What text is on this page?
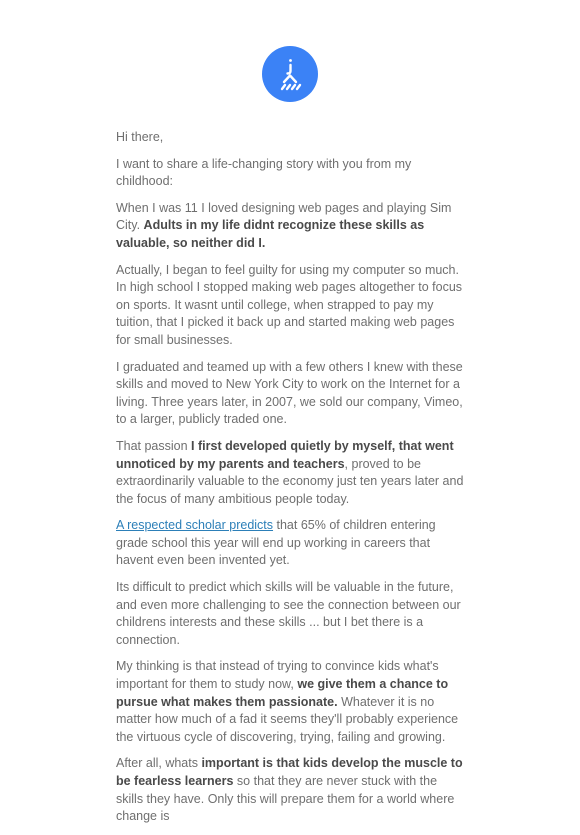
Hi there,

I want to share a life-changing story with you from my childhood:

When I was 11 I loved designing web pages and playing Sim City. Adults in my life didnt recognize these skills as valuable, so neither did I.

Actually, I began to feel guilty for using my computer so much. In high school I stopped making web pages altogether to focus on sports. It wasnt until college, when strapped to pay my tuition, that I picked it back up and started making web pages for small businesses.

I graduated and teamed up with a few others I knew with these skills and moved to New York City to work on the Internet for a living. Three years later, in 2007, we sold our company, Vimeo, to a larger, publicly traded one.

That passion I first developed quietly by myself, that went unnoticed by my parents and teachers, proved to be extraordinarily valuable to the economy just ten years later and the focus of many ambitious people today.

A respected scholar predicts that 65% of children entering grade school this year will end up working in careers that havent even been invented yet.

Its difficult to predict which skills will be valuable in the future, and even more challenging to see the connection between our childrens interests and these skills ... but I bet there is a connection.

My thinking is that instead of trying to convince kids what's important for them to study now, we give them a chance to pursue what makes them passionate. Whatever it is no matter how much of a fad it seems they'll probably experience the virtuous cycle of discovering, trying, failing and growing.

After all, whats important is that kids develop the muscle to be fearless learners so that they are never stuck with the skills they have. Only this will prepare them for a world where change is
